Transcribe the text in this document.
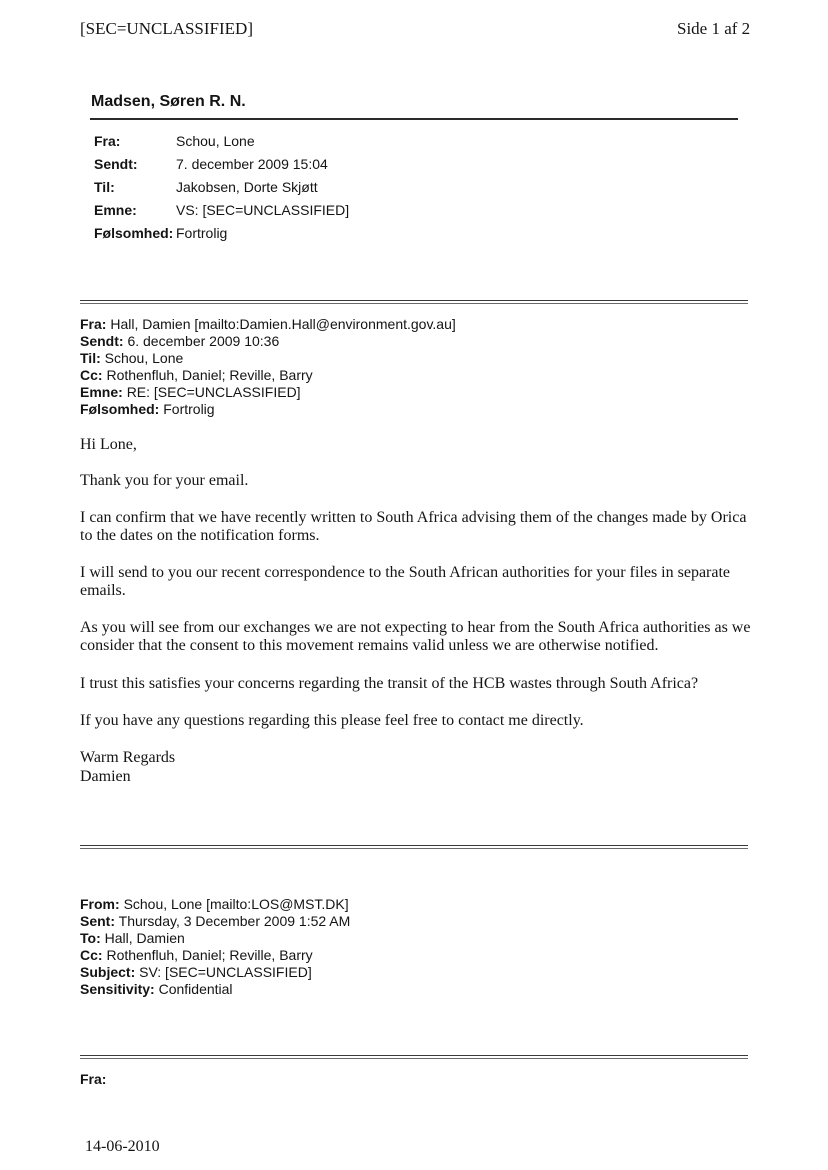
[SEC=UNCLASSIFIED]	Side 1 af 2
Madsen, Søren R. N.
Fra:	Schou, Lone
Sendt:	7. december 2009 15:04
Til:	Jakobsen, Dorte Skjøtt
Emne:	VS: [SEC=UNCLASSIFIED]
Følsomhed: Fortrolig
Fra: Hall, Damien [mailto:Damien.Hall@environment.gov.au]
Sendt: 6. december 2009 10:36
Til: Schou, Lone
Cc: Rothenfluh, Daniel; Reville, Barry
Emne: RE: [SEC=UNCLASSIFIED]
Følsomhed: Fortrolig

Hi Lone,

Thank you for your email.

I can confirm that we have recently written to South Africa advising them of the changes made by Orica to the dates on the notification forms.

I will send to you our recent correspondence to the South African authorities for your files in separate emails.

As you will see from our exchanges we are not expecting to hear from the South Africa authorities as we consider that the consent to this movement remains valid unless we are otherwise notified.

I trust this satisfies your concerns regarding the transit of the HCB wastes through South Africa?

If you have any questions regarding this please feel free to contact me directly.

Warm Regards

Damien

From: Schou, Lone [mailto:LOS@MST.DK]
Sent: Thursday, 3 December 2009 1:52 AM
To: Hall, Damien
Cc: Rothenfluh, Daniel; Reville, Barry
Subject: SV: [SEC=UNCLASSIFIED]
Sensitivity: Confidential
Fra:
14-06-2010
